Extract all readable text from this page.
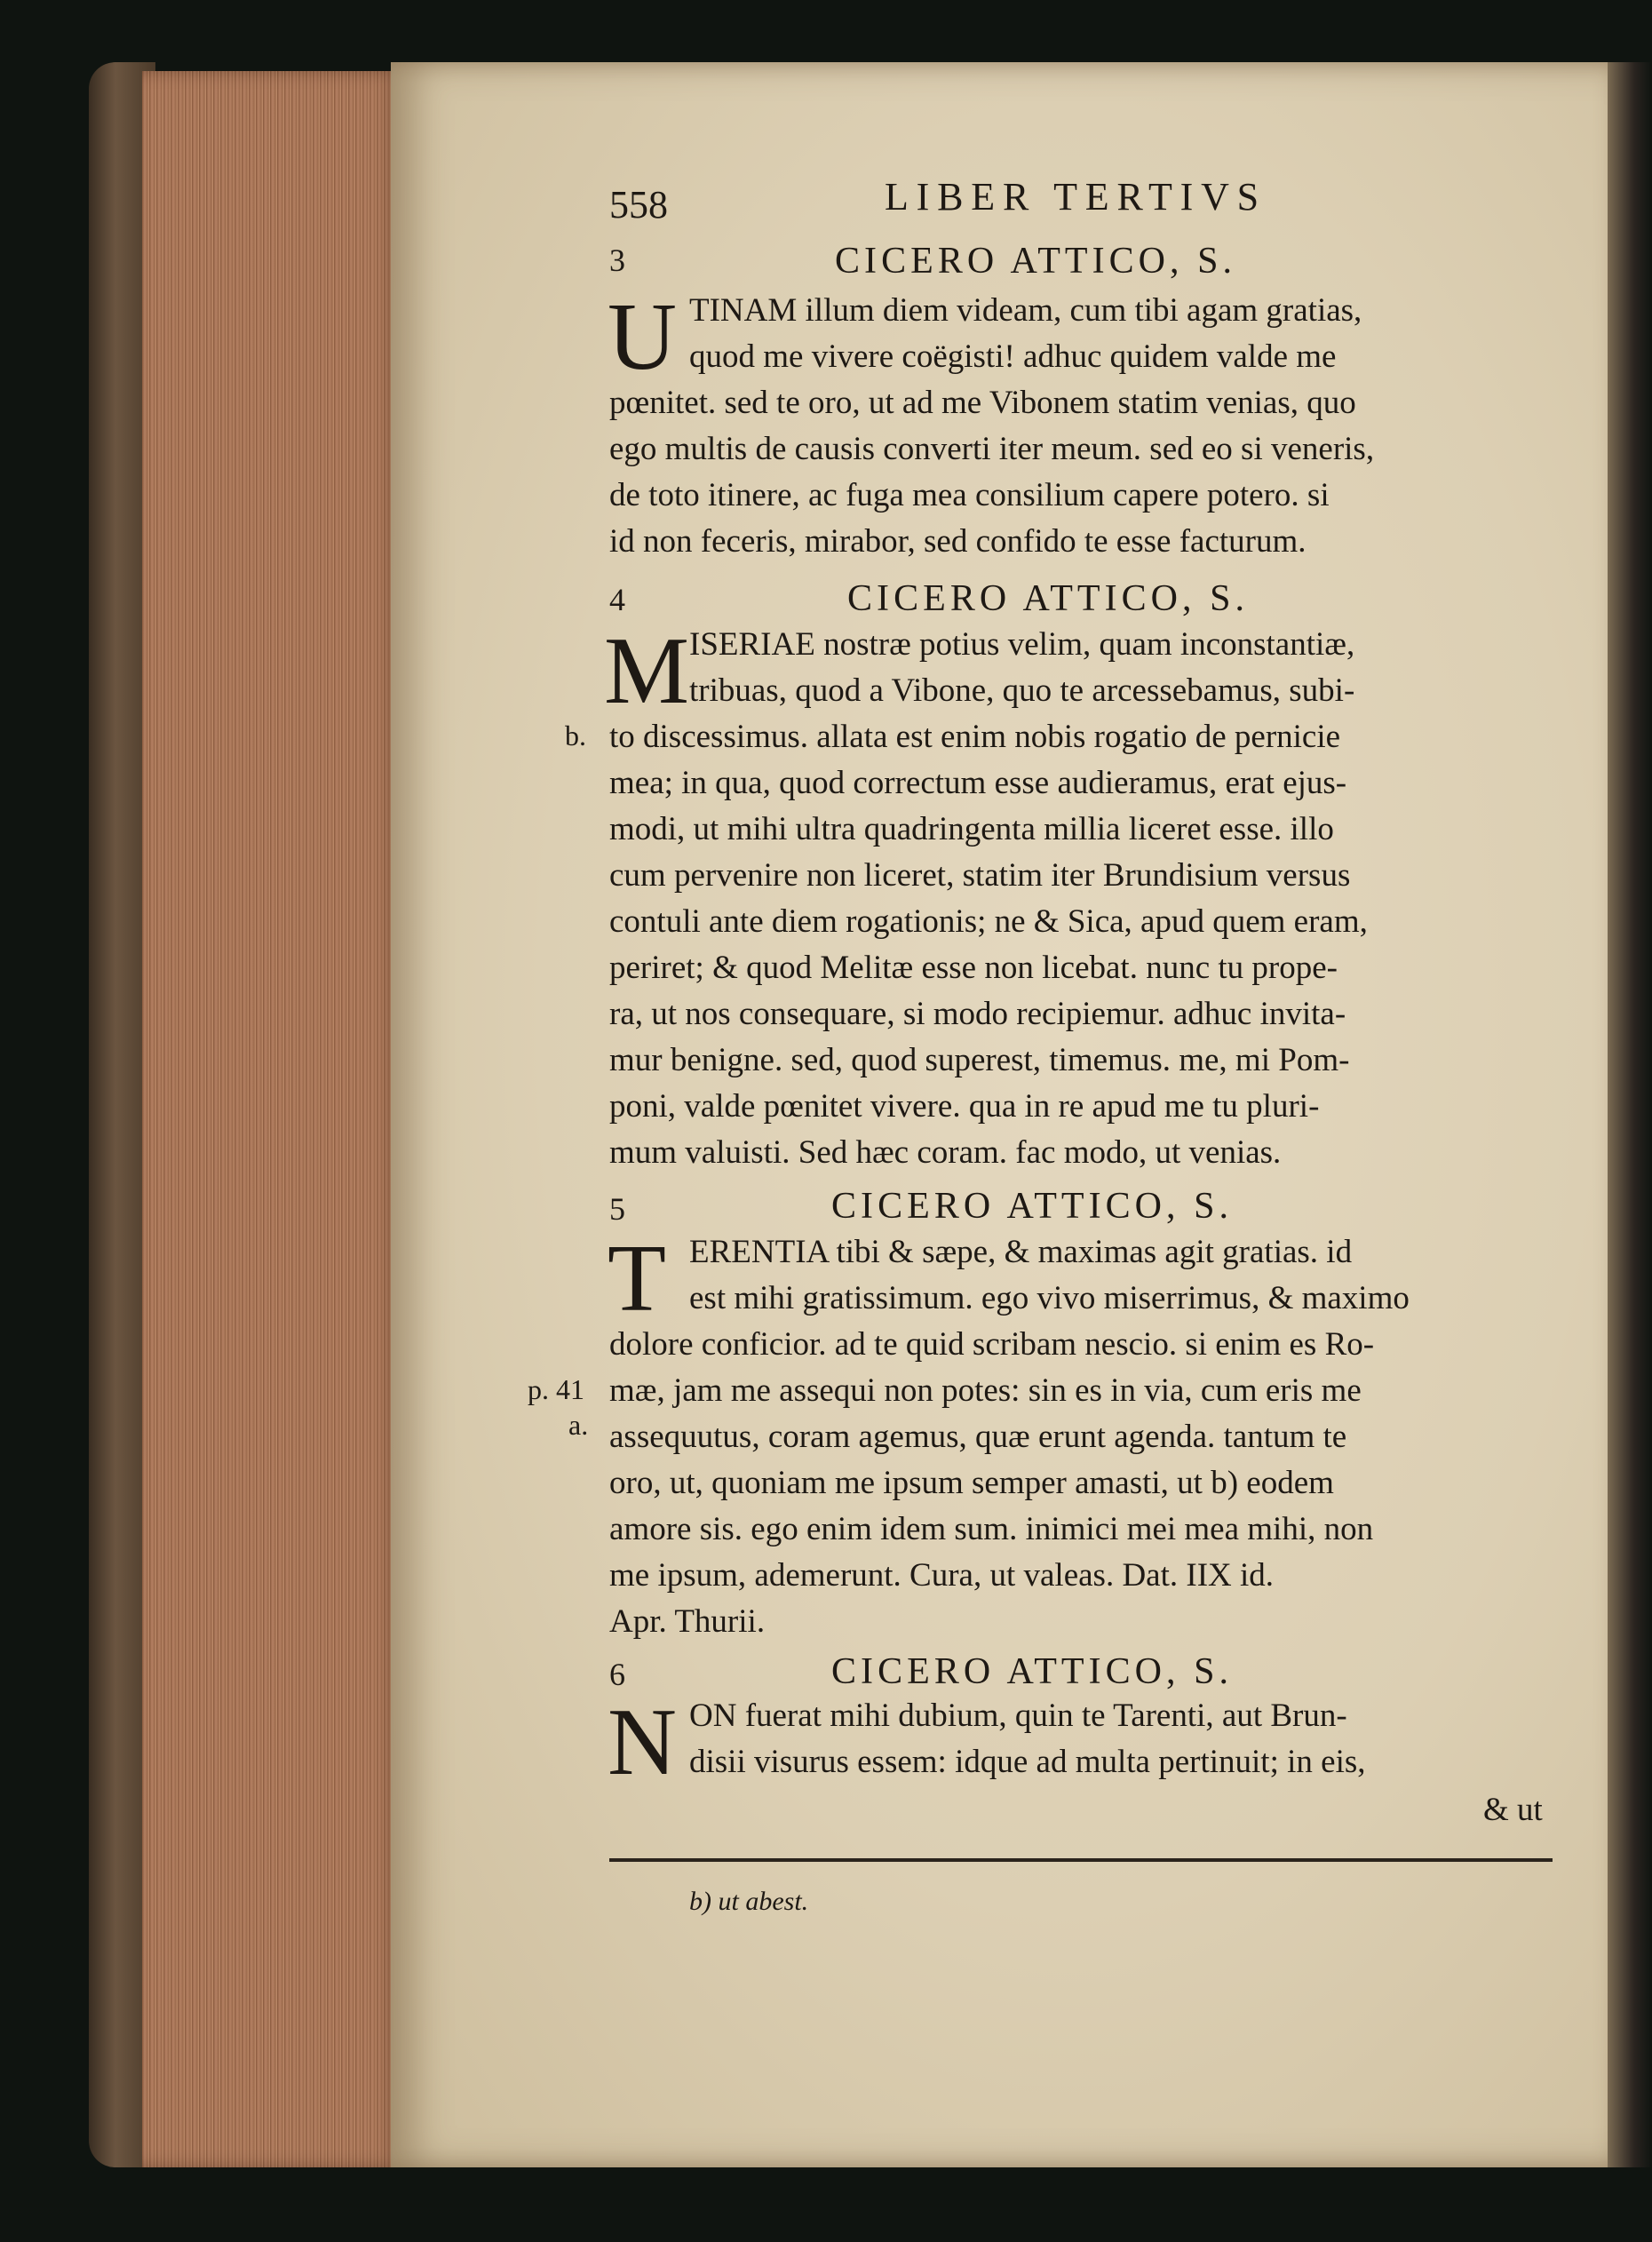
558	LIBER TERTIVS
3	CICERO ATTICO, S.
U TINAM illum diem videam, cum tibi agam gratias,
quod me vivere coëgisti! adhuc quidem valde me
pœnitet. sed te oro, ut ad me Vibonem statim venias, quo
ego multis de causis converti iter meum. sed eo si veneris,
de toto itinere, ac fuga mea consilium capere potero. si
id non feceris, mirabor, sed confido te esse facturum.
4	CICERO ATTICO, S.
M ISERIAE nostræ potius velim, quam inconstantiæ,
tribuas, quod a Vibone, quo te arcessebamus, subi-
b. to discessimus. allata est enim nobis rogatio de pernicie
mea; in qua, quod correctum esse audieramus, erat ejus-
modi, ut mihi ultra quadringenta millia liceret esse. illo
cum pervenire non liceret, statim iter Brundisium versus
contuli ante diem rogationis; ne & Sica, apud quem eram,
periret; & quod Melitæ esse non licebat. nunc tu prope-
ra, ut nos consequare, si modo recipiemur. adhuc invita-
mur benigne. sed, quod superest, timemus. me, mi Pom-
poni, valde pœnitet vivere. qua in re apud me tu pluri-
mum valuisti. Sed hæc coram. fac modo, ut venias.
5	CICERO ATTICO, S.
T ERENTIA tibi & sæpe, & maximas agit gratias. id
est mihi gratissimum. ego vivo miserrimus, & maximo
dolore conficior. ad te quid scribam nescio. si enim es Ro-
p. 41 mæ, jam me assequi non potes: sin es in via, cum eris me
a. assequutus, coram agemus, quæ erunt agenda. tantum te
oro, ut, quoniam me ipsum semper amasti, ut b) eodem
amore sis. ego enim idem sum. inimici mei mea mihi, non
me ipsum, ademerunt. Cura, ut valeas. Dat. IIX id.
Apr. Thurii.
6	CICERO ATTICO, S.
N ON fuerat mihi dubium, quin te Tarenti, aut Brun-
disii visurus essem: idque ad multa pertinuit; in eis,
& ut
b) ut abest.
